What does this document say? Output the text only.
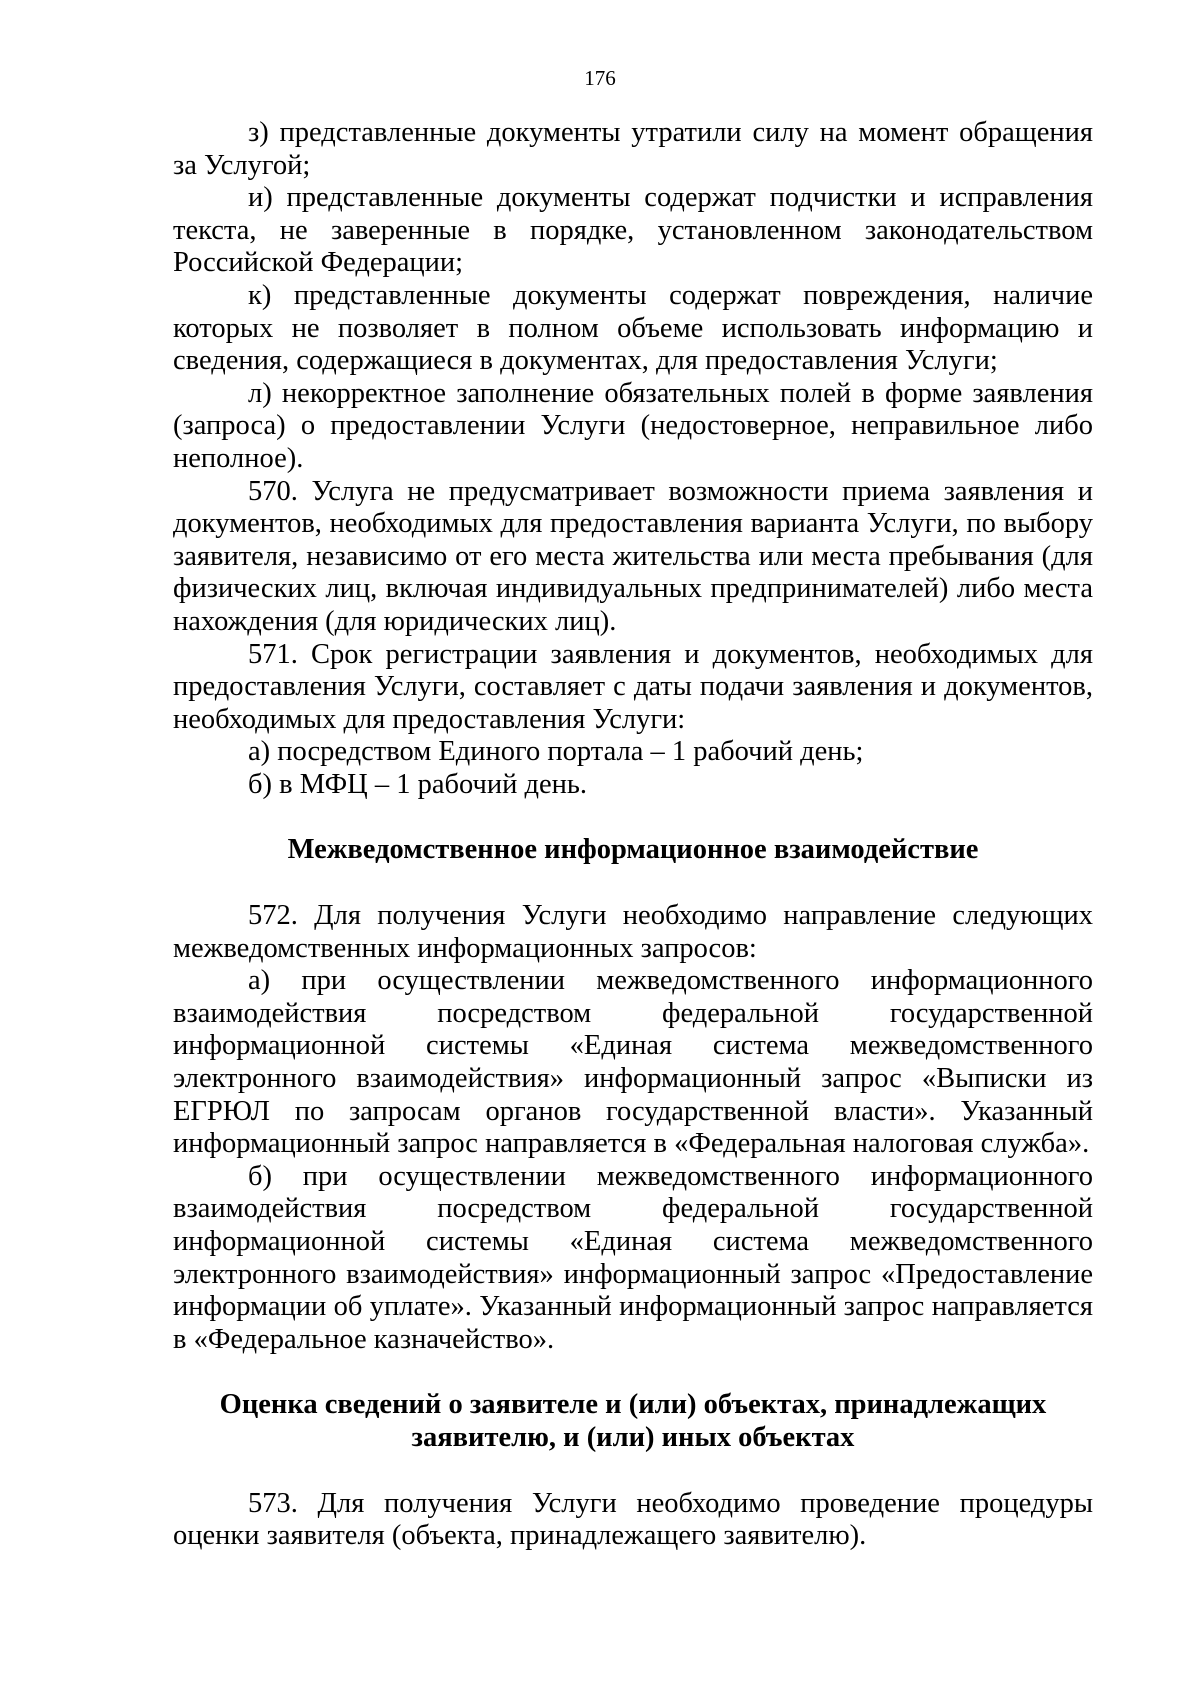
176

з) представленные документы утратили силу на момент обращения за Услугой;

и) представленные документы содержат подчистки и исправления текста, не заверенные в порядке, установленном законодательством Российской Федерации;

к) представленные документы содержат повреждения, наличие которых не позволяет в полном объеме использовать информацию и сведения, содержащиеся в документах, для предоставления Услуги;

л) некорректное заполнение обязательных полей в форме заявления (запроса) о предоставлении Услуги (недостоверное, неправильное либо неполное).

570. Услуга не предусматривает возможности приема заявления и документов, необходимых для предоставления варианта Услуги, по выбору заявителя, независимо от его места жительства или места пребывания (для физических лиц, включая индивидуальных предпринимателей) либо места нахождения (для юридических лиц).

571. Срок регистрации заявления и документов, необходимых для предоставления Услуги, составляет с даты подачи заявления и документов, необходимых для предоставления Услуги:

а) посредством Единого портала – 1 рабочий день;

б) в МФЦ – 1 рабочий день.

Межведомственное информационное взаимодействие

572. Для получения Услуги необходимо направление следующих межведомственных информационных запросов:

а) при осуществлении межведомственного информационного взаимодействия посредством федеральной государственной информационной системы «Единая система межведомственного электронного взаимодействия» информационный запрос «Выписки из ЕГРЮЛ по запросам органов государственной власти». Указанный информационный запрос направляется в «Федеральная налоговая служба».

б) при осуществлении межведомственного информационного взаимодействия посредством федеральной государственной информационной системы «Единая система межведомственного электронного взаимодействия» информационный запрос «Предоставление информации об уплате». Указанный информационный запрос направляется в «Федеральное казначейство».

Оценка сведений о заявителе и (или) объектах, принадлежащих
заявителю, и (или) иных объектах

573. Для получения Услуги необходимо проведение процедуры оценки заявителя (объекта, принадлежащего заявителю).
